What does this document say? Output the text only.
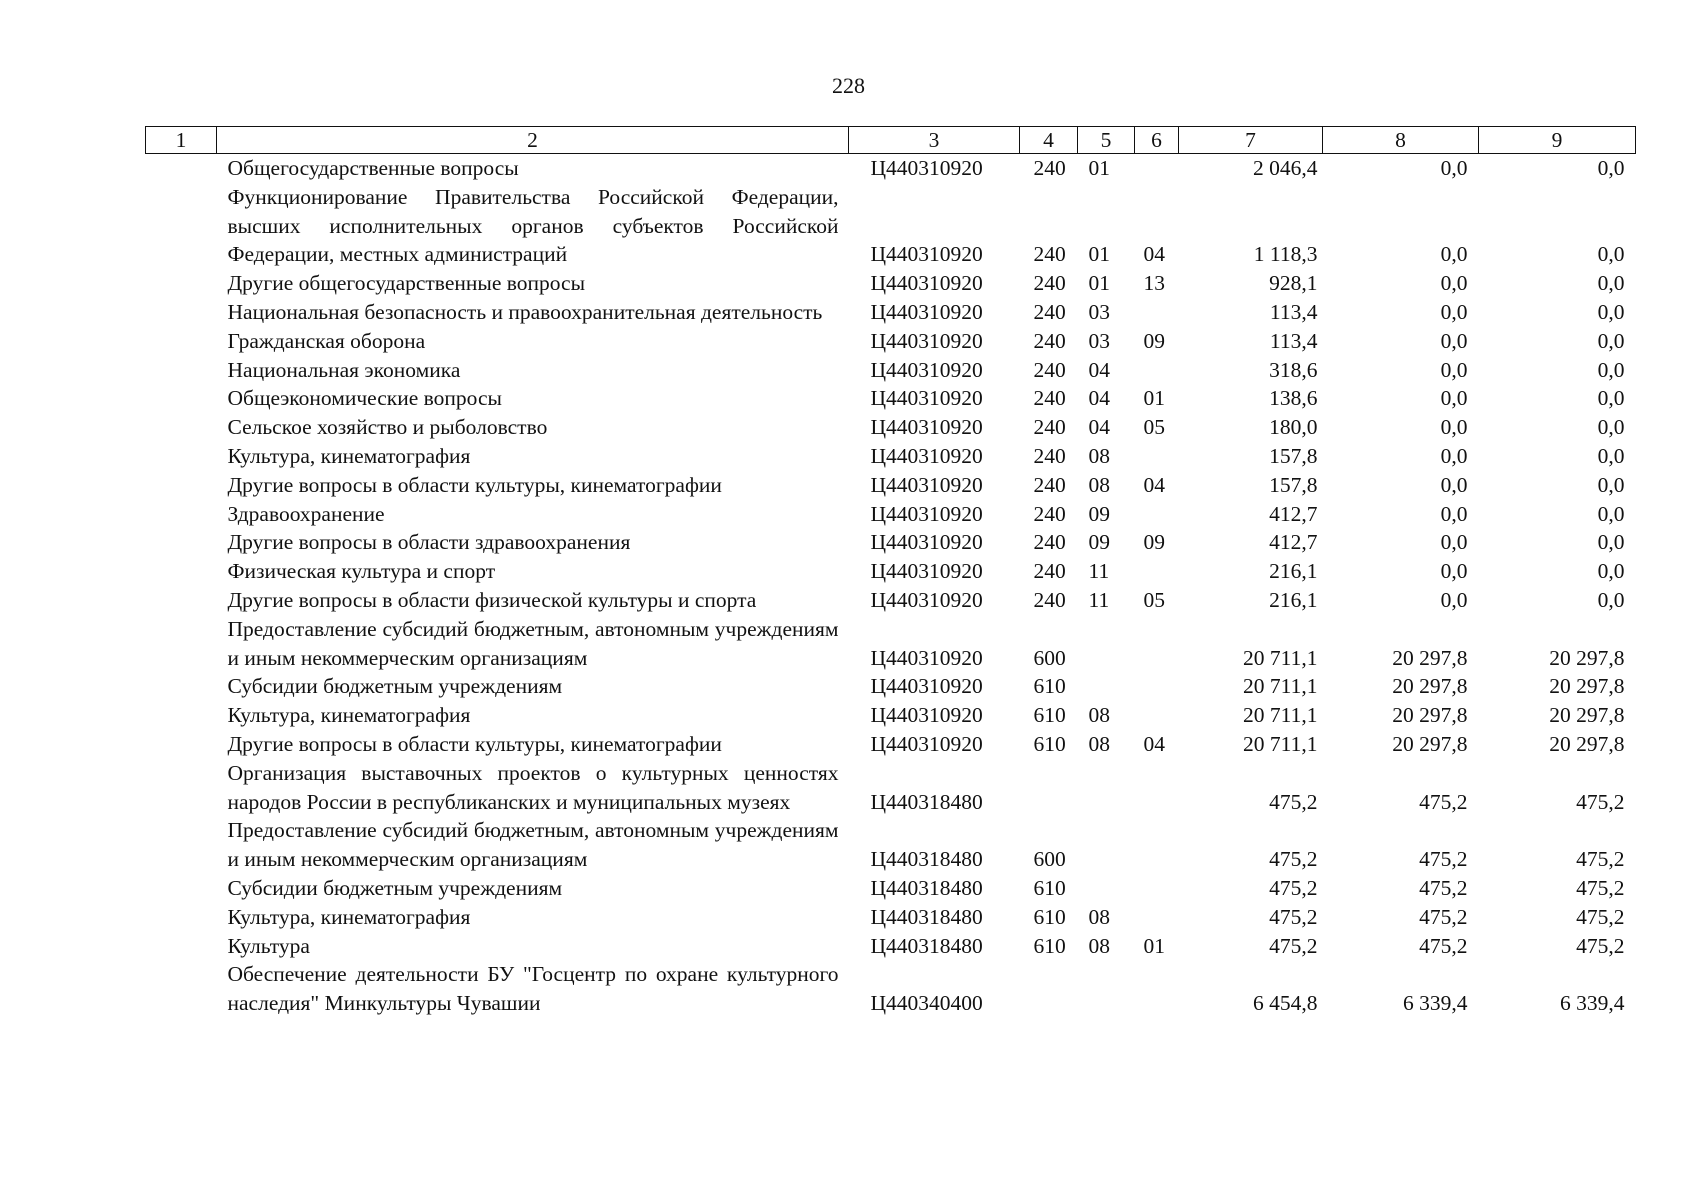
228
1	2	3	4	5	6	7	8	9
	Общегосударственные вопросы	Ц440310920	240	01		2 046,4	0,0	0,0
	Функционирование Правительства Российской Федерации, высших исполнительных органов субъектов Российской Федерации, местных администраций	Ц440310920	240	01	04	1 118,3	0,0	0,0
	Другие общегосударственные вопросы	Ц440310920	240	01	13	928,1	0,0	0,0
	Национальная безопасность и правоохранительная деятельность	Ц440310920	240	03		113,4	0,0	0,0
	Гражданская оборона	Ц440310920	240	03	09	113,4	0,0	0,0
	Национальная экономика	Ц440310920	240	04		318,6	0,0	0,0
	Общеэкономические вопросы	Ц440310920	240	04	01	138,6	0,0	0,0
	Сельское хозяйство и рыболовство	Ц440310920	240	04	05	180,0	0,0	0,0
	Культура, кинематография	Ц440310920	240	08		157,8	0,0	0,0
	Другие вопросы в области культуры, кинематографии	Ц440310920	240	08	04	157,8	0,0	0,0
	Здравоохранение	Ц440310920	240	09		412,7	0,0	0,0
	Другие вопросы в области здравоохранения	Ц440310920	240	09	09	412,7	0,0	0,0
	Физическая культура и спорт	Ц440310920	240	11		216,1	0,0	0,0
	Другие вопросы в области физической культуры и спорта	Ц440310920	240	11	05	216,1	0,0	0,0
	Предоставление субсидий бюджетным, автономным учреждениям и иным некоммерческим организациям	Ц440310920	600			20 711,1	20 297,8	20 297,8
	Субсидии бюджетным учреждениям	Ц440310920	610			20 711,1	20 297,8	20 297,8
	Культура, кинематография	Ц440310920	610	08		20 711,1	20 297,8	20 297,8
	Другие вопросы в области культуры, кинематографии	Ц440310920	610	08	04	20 711,1	20 297,8	20 297,8
	Организация выставочных проектов о культурных ценностях народов России в республиканских и муниципальных музеях	Ц440318480				475,2	475,2	475,2
	Предоставление субсидий бюджетным, автономным учреждениям и иным некоммерческим организациям	Ц440318480	600			475,2	475,2	475,2
	Субсидии бюджетным учреждениям	Ц440318480	610			475,2	475,2	475,2
	Культура, кинематография	Ц440318480	610	08		475,2	475,2	475,2
	Культура	Ц440318480	610	08	01	475,2	475,2	475,2
	Обеспечение деятельности БУ "Госцентр по охране культурного наследия" Минкультуры Чувашии	Ц440340400				6 454,8	6 339,4	6 339,4
